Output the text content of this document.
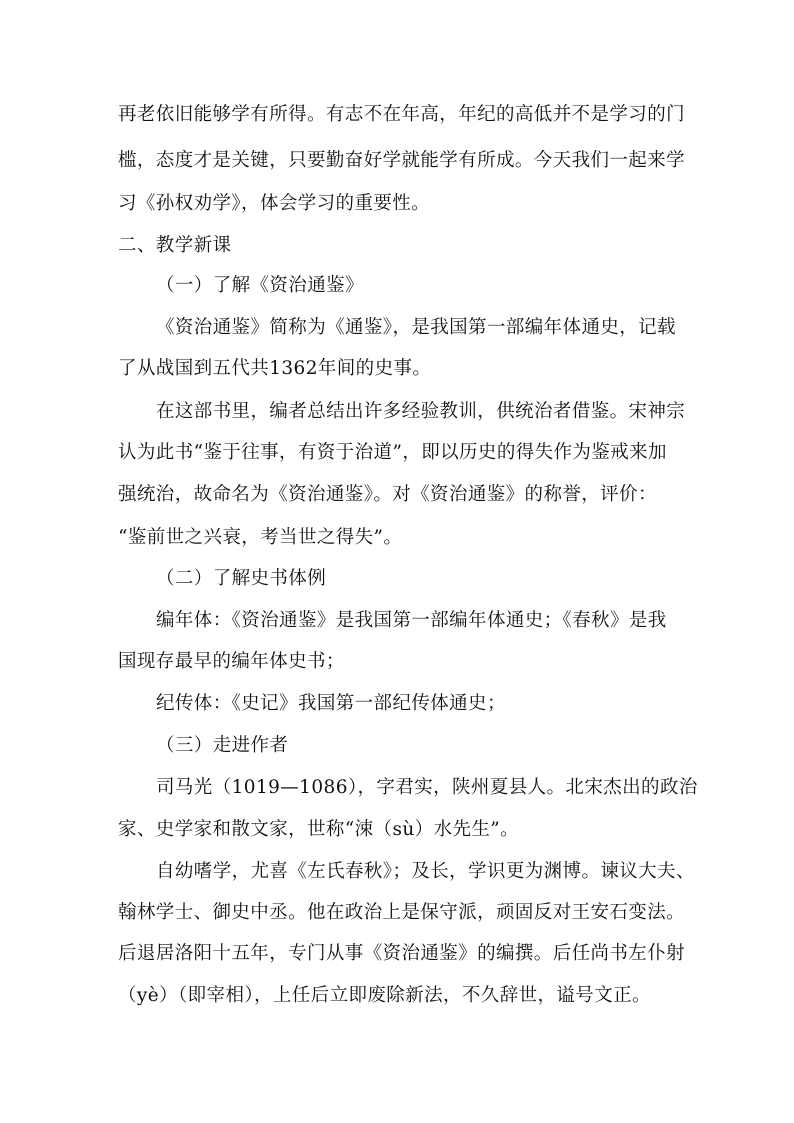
再老依旧能够学有所得。有志不在年高，年纪的高低并不是学习的门
槛，态度才是关键，只要勤奋好学就能学有所成。今天我们一起来学
习《孙权劝学》，体会学习的重要性。
二、教学新课
（一）了解《资治通鉴》
《资治通鉴》简称为《通鉴》，是我国第一部编年体通史，记载
了从战国到五代共1362年间的史事。
在这部书里，编者总结出许多经验教训，供统治者借鉴。宋神宗
认为此书“鉴于往事，有资于治道”，即以历史的得失作为鉴戒来加
强统治，故命名为《资治通鉴》。对《资治通鉴》的称誉，评价：
“鉴前世之兴衰，考当世之得失”。
（二）了解史书体例
编年体：《资治通鉴》是我国第一部编年体通史；《春秋》是我
国现存最早的编年体史书；
纪传体：《史记》我国第一部纪传体通史；
（三）走进作者
司马光（1019—1086），字君实，陕州夏县人。北宋杰出的政治
家、史学家和散文家，世称“涑（sù）水先生”。
自幼嗜学，尤喜《左氏春秋》；及长，学识更为渊博。谏议大夫、
翰林学士、御史中丞。他在政治上是保守派，顽固反对王安石变法。
后退居洛阳十五年，专门从事《资治通鉴》的编撰。后任尚书左仆射
（yè）（即宰相），上任后立即废除新法，不久辞世，谥号文正。
